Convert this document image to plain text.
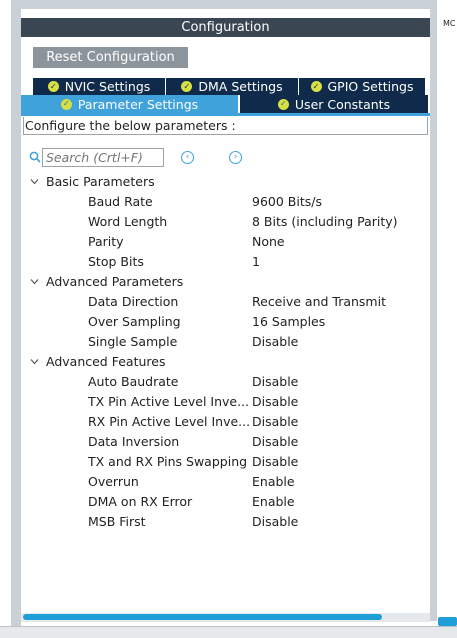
MC
Configuration
Reset Configuration
✓ NVIC Settings	✓ DMA Settings	✓ GPIO Settings
✓ Parameter Settings	✓ User Constants
Configure the below parameters :
Search (Crtl+F)
‹	›
Basic Parameters
Baud Rate	9600 Bits/s
Word Length	8 Bits (including Parity)
Parity	None
Stop Bits	1
Advanced Parameters
Data Direction	Receive and Transmit
Over Sampling	16 Samples
Single Sample	Disable
Advanced Features
Auto Baudrate	Disable
TX Pin Active Level Inve... Disable
RX Pin Active Level Inve... Disable
Data Inversion	Disable
TX and RX Pins Swapping Disable
Overrun	Enable
DMA on RX Error	Enable
MSB First	Disable
